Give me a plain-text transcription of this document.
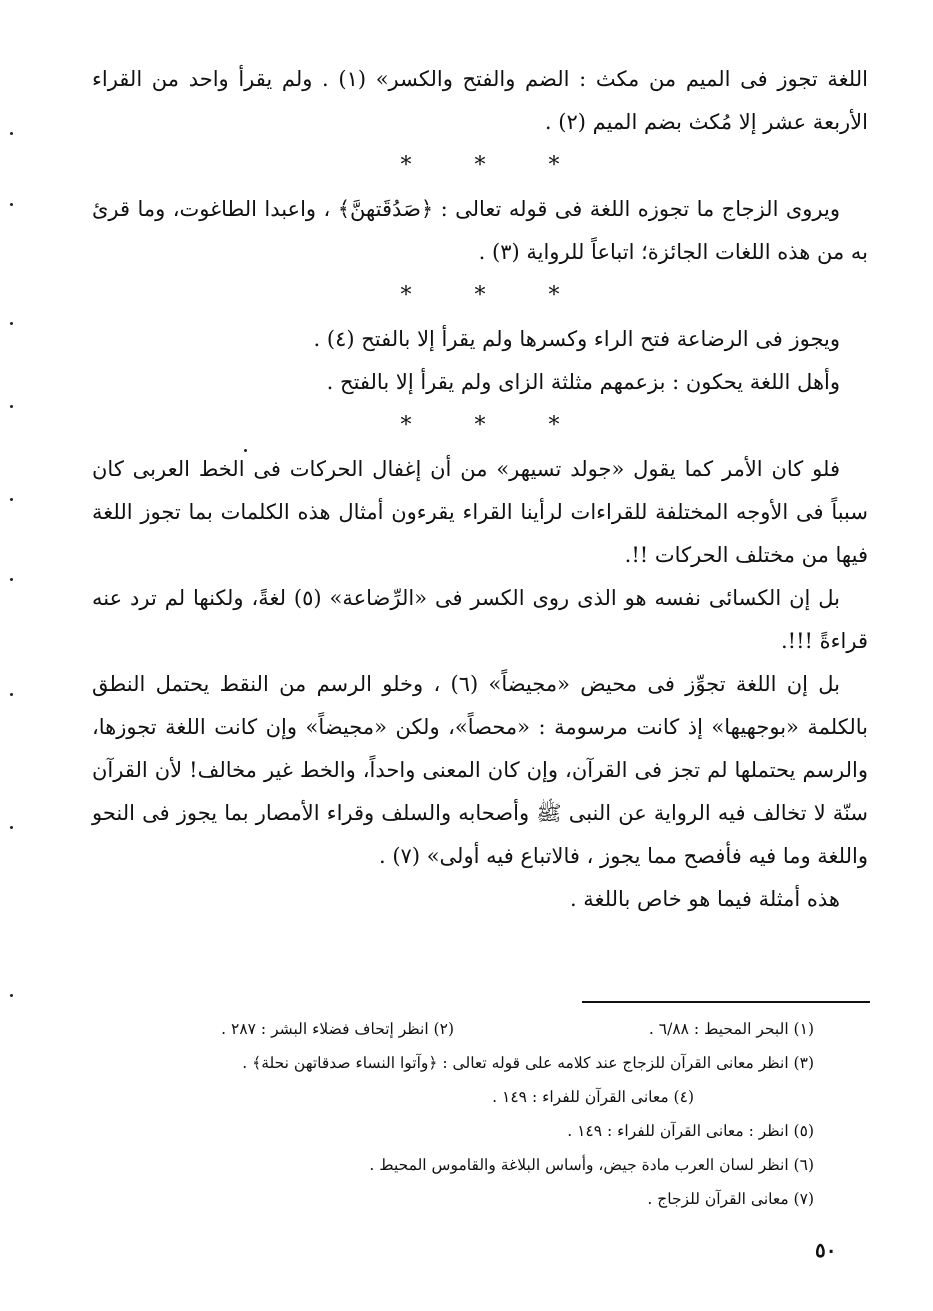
اللغة تجوز فى الميم من مكث : الضم والفتح والكسر» (١) . ولم يقرأ واحد من القراء الأربعة عشر إلا مُكث بضم الميم (٢) .

* * *

ويروى الزجاج ما تجوزه اللغة فى قوله تعالى : ﴿صَدُقَتهنَّ﴾ ، واعبدا الطاغوت، وما قرئ به من هذه اللغات الجائزة؛ اتباعاً للرواية (٣) .

* * *

ويجوز فى الرضاعة فتح الراء وكسرها ولم يقرأ إلا بالفتح (٤) .

وأهل اللغة يحكون : بزعمهم مثلثة الزاى ولم يقرأ إلا بالفتح .

* * *

فلو كان الأمر كما يقول «جولد تسيهر» من أن إغفال الحركات فى الخط العربى كان سبباً فى الأوجه المختلفة للقراءات لرأينا القراء يقرءون أمثال هذه الكلمات بما تجوز اللغة فيها من مختلف الحركات !!.

بل إن الكسائى نفسه هو الذى روى الكسر فى «الرِّضاعة» (٥) لغةً، ولكنها لم ترد عنه قراءةً !!!.

بل إن اللغة تجوِّز فى محيض «مجيضاً» (٦) ، وخلو الرسم من النقط يحتمل النطق بالكلمة «بوجهيها» إذ كانت مرسومة : «محصاً»، ولكن «مجيضاً» وإن كانت اللغة تجوزها، والرسم يحتملها لم تجز فى القرآن، وإن كان المعنى واحداً، والخط غير مخالف! لأن القرآن سنّة لا تخالف فيه الرواية عن النبى ﷺ وأصحابه والسلف وقراء الأمصار بما يجوز فى النحو واللغة وما فيه فأفصح مما يجوز ، فالاتباع فيه أولى» (٧) .

هذه أمثلة فيما هو خاص باللغة .

(١) البحر المحيط : ٦/٨٨ .
(٢) انظر إتحاف فضلاء البشر : ٢٨٧ .
(٣) انظر معانى القرآن للزجاج عند كلامه على قوله تعالى : ﴿وآتوا النساء صدقاتهن نحلة﴾ .
(٤) معانى القرآن للفراء : ١٤٩ .
(٥) انظر : معانى القرآن للفراء : ١٤٩ .
(٦) انظر لسان العرب مادة جيض، وأساس البلاغة والقاموس المحيط .
(٧) معانى القرآن للزجاج .
٥٠
